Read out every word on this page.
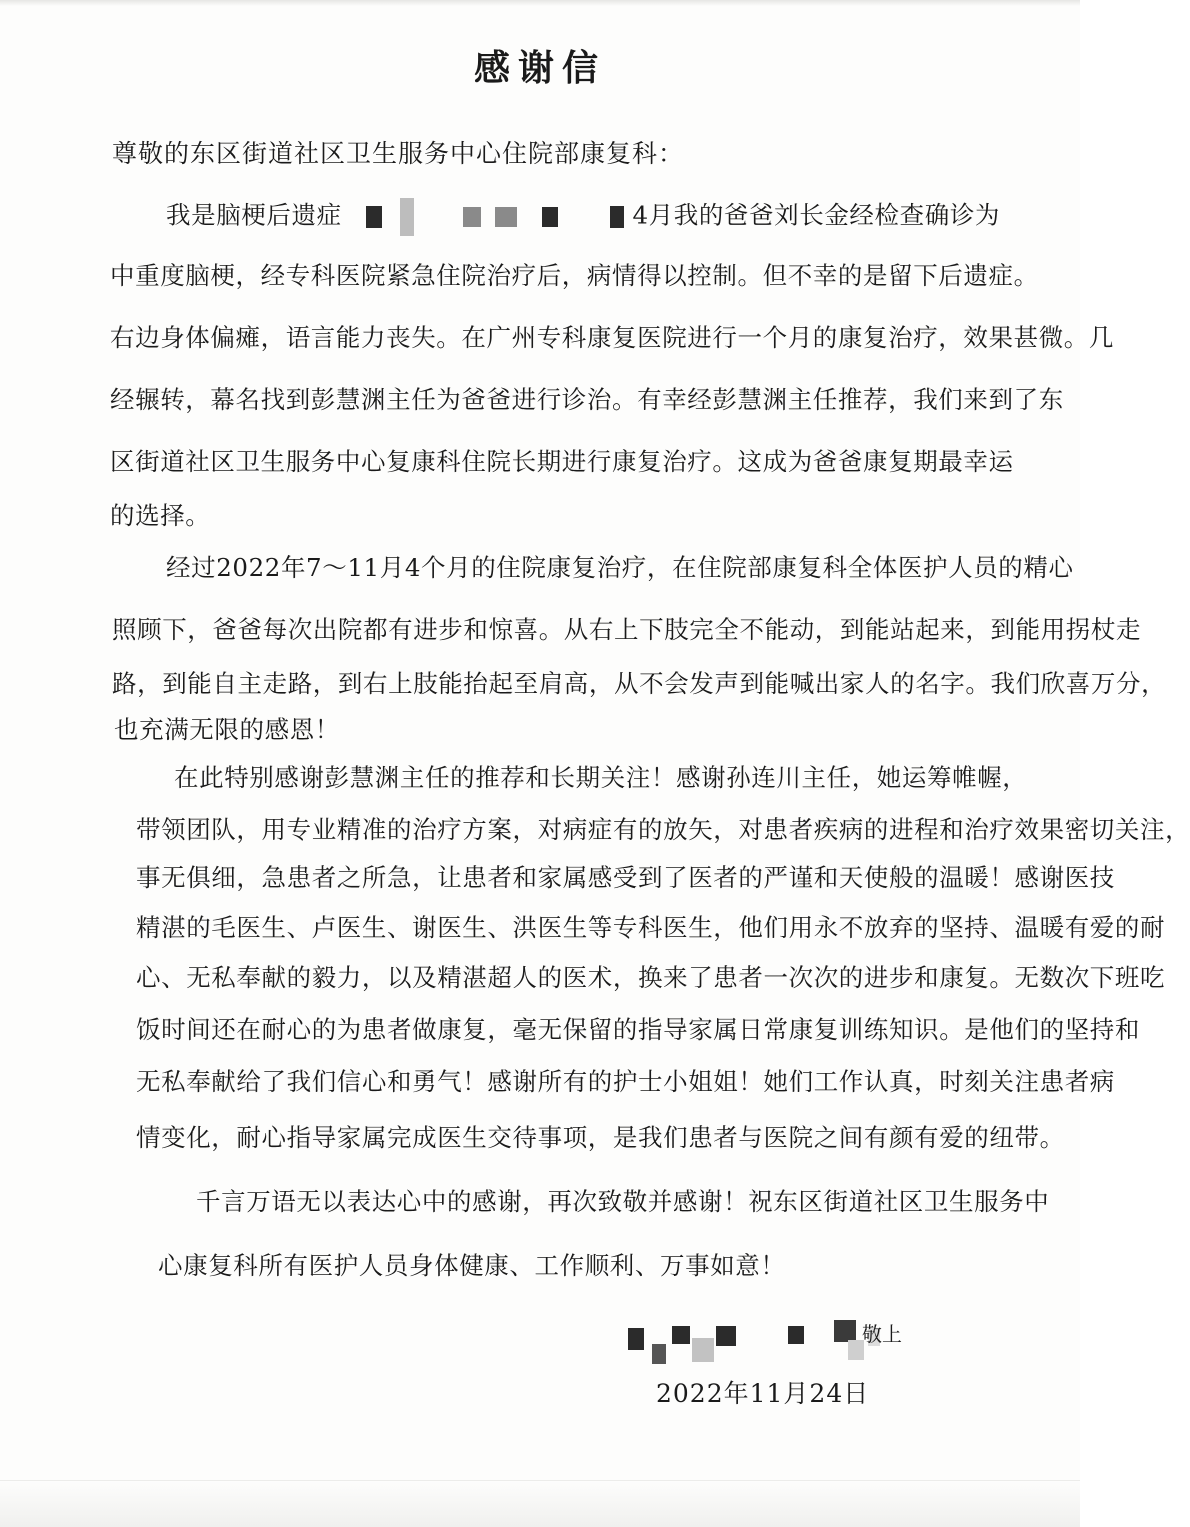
感谢信
尊敬的东区街道社区卫生服务中心住院部康复科：
我是脑梗后遗症	4月我的爸爸刘长金经检查确诊为
中重度脑梗，经专科医院紧急住院治疗后，病情得以控制。但不幸的是留下后遗症。
右边身体偏瘫，语言能力丧失。在广州专科康复医院进行一个月的康复治疗，效果甚微。几
经辗转，幕名找到彭慧渊主任为爸爸进行诊治。有幸经彭慧渊主任推荐，我们来到了东
区街道社区卫生服务中心复康科住院长期进行康复治疗。这成为爸爸康复期最幸运
的选择。
经过2022年7～11月4个月的住院康复治疗，在住院部康复科全体医护人员的精心
照顾下，爸爸每次出院都有进步和惊喜。从右上下肢完全不能动，到能站起来，到能用拐杖走
路，到能自主走路，到右上肢能抬起至肩高，从不会发声到能喊出家人的名字。我们欣喜万分，
也充满无限的感恩！
在此特别感谢彭慧渊主任的推荐和长期关注！感谢孙连川主任，她运筹帷幄，
带领团队，用专业精准的治疗方案，对病症有的放矢，对患者疾病的进程和治疗效果密切关注，
事无俱细，急患者之所急，让患者和家属感受到了医者的严谨和天使般的温暖！感谢医技
精湛的毛医生、卢医生、谢医生、洪医生等专科医生，他们用永不放弃的坚持、温暖有爱的耐
心、无私奉献的毅力，以及精湛超人的医术，换来了患者一次次的进步和康复。无数次下班吃
饭时间还在耐心的为患者做康复，毫无保留的指导家属日常康复训练知识。是他们的坚持和
无私奉献给了我们信心和勇气！感谢所有的护士小姐姐！她们工作认真，时刻关注患者病
情变化，耐心指导家属完成医生交待事项，是我们患者与医院之间有颜有爱的纽带。
千言万语无以表达心中的感谢，再次致敬并感谢！祝东区街道社区卫生服务中
心康复科所有医护人员身体健康、工作顺利、万事如意！
敬上
2022年11月24日
